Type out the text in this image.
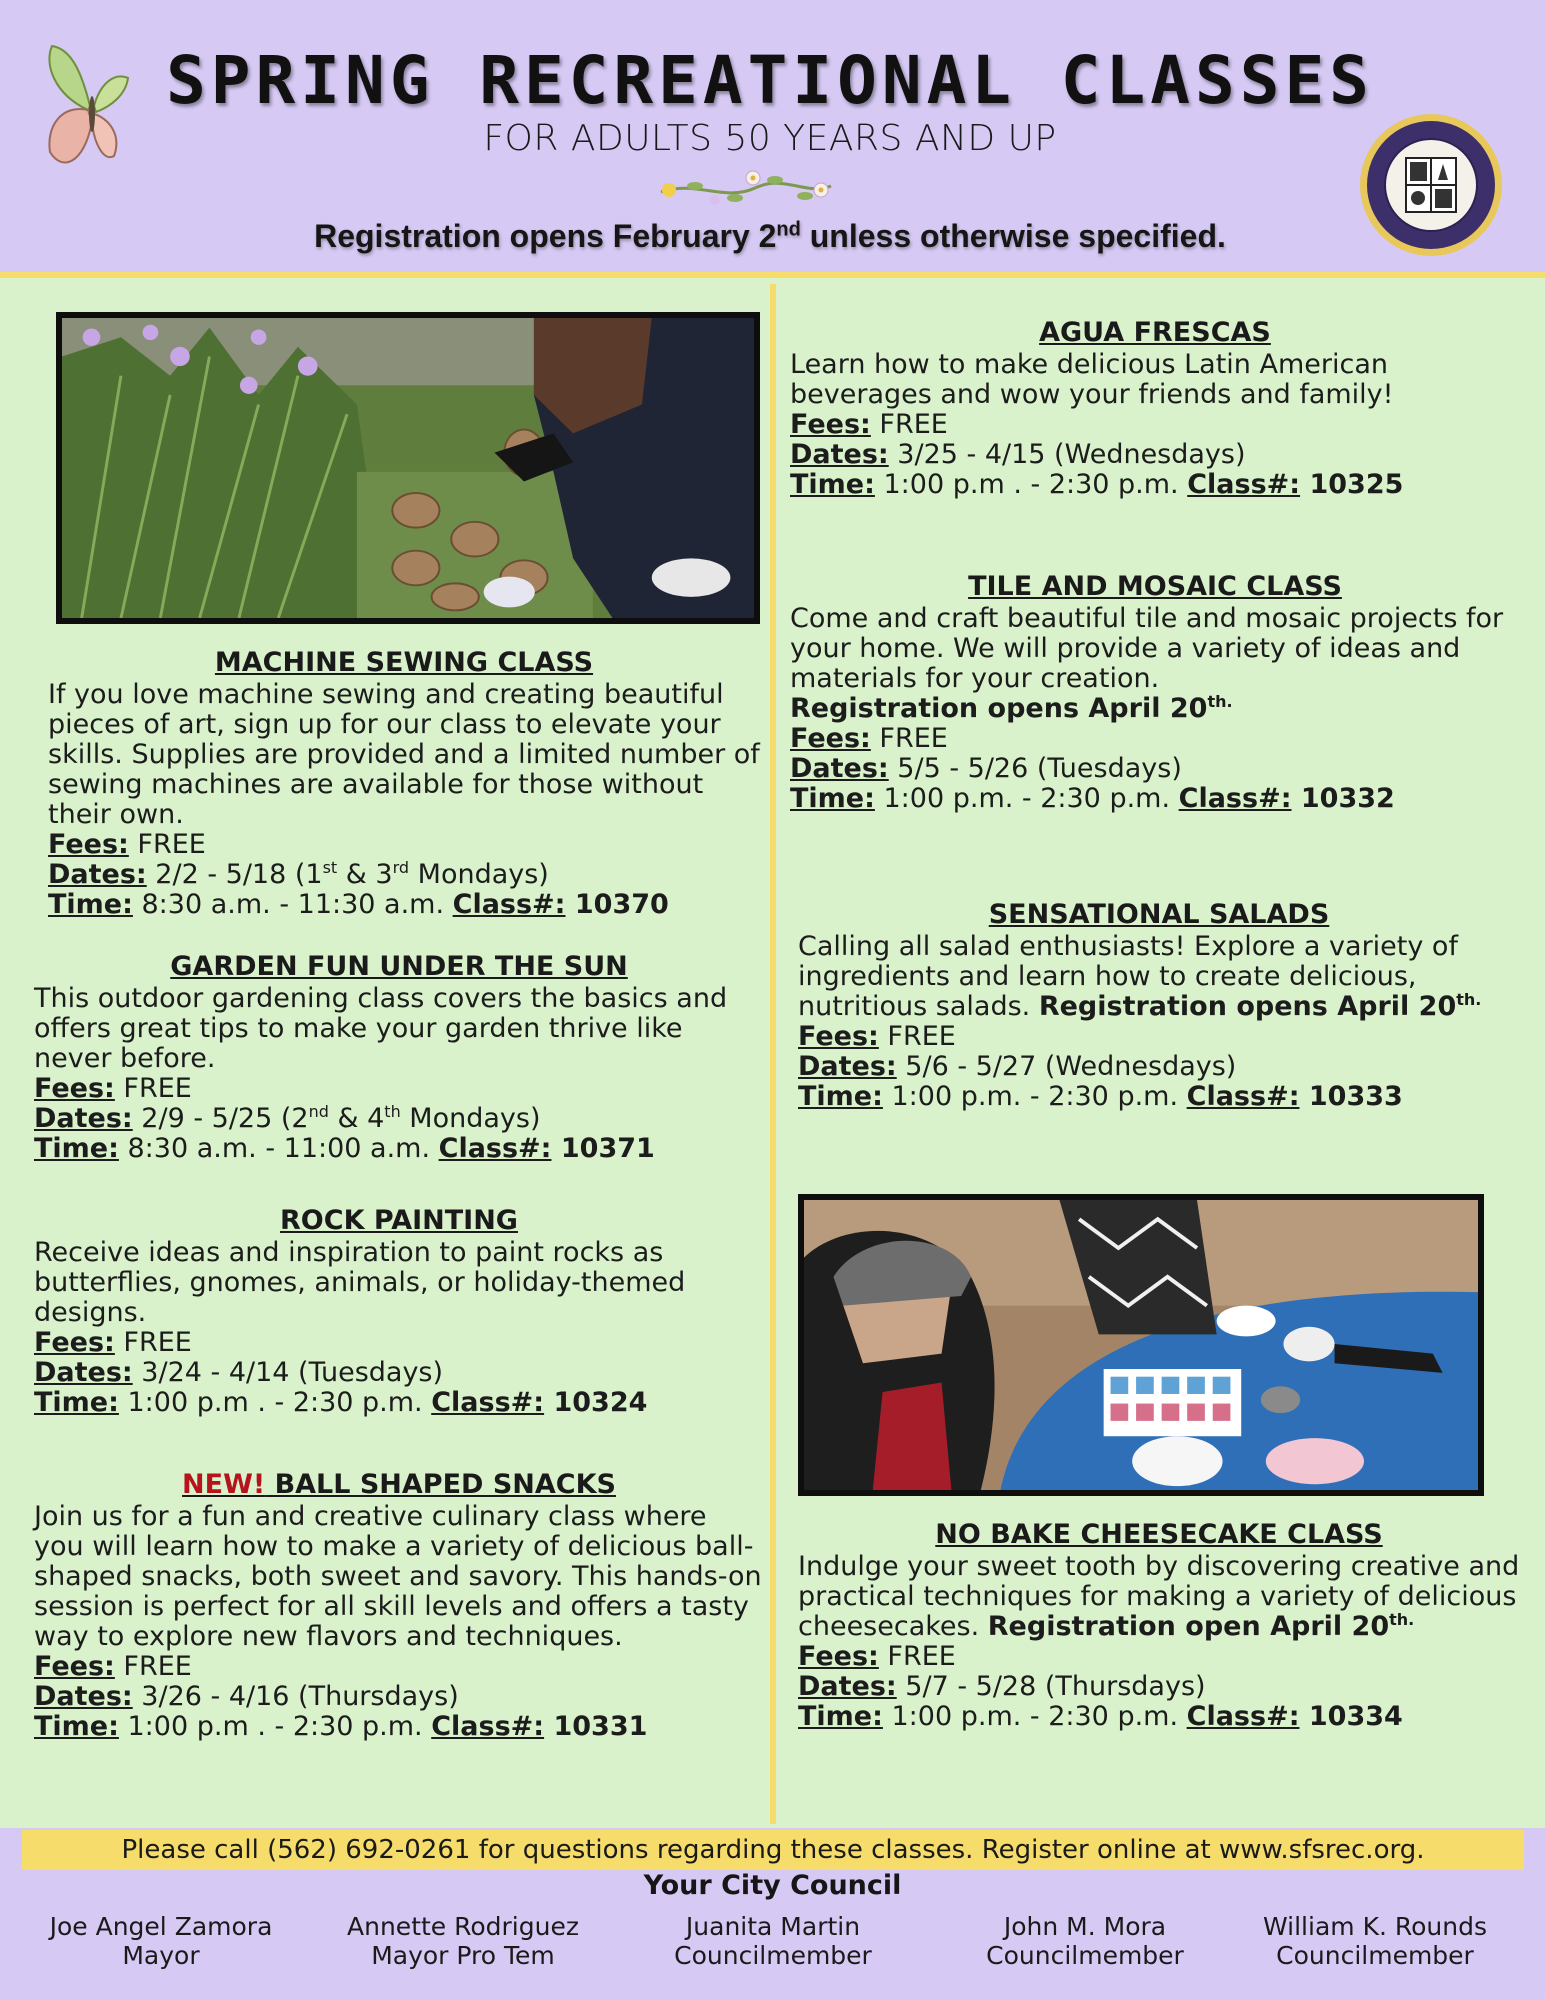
SPRING RECREATIONAL CLASSES
FOR ADULTS 50 YEARS AND UP
Registration opens February 2nd unless otherwise specified.
MACHINE SEWING CLASS

If you love machine sewing and creating beautiful pieces of art, sign up for our class to elevate your skills. Supplies are provided and a limited number of sewing machines are available for those without their own.

Fees: FREE

Dates: 2/2 - 5/18 (1st & 3rd Mondays)

Time: 8:30 a.m. - 11:30 a.m. Class#: 10370

GARDEN FUN UNDER THE SUN

This outdoor gardening class covers the basics and offers great tips to make your garden thrive like never before.

Fees: FREE

Dates: 2/9 - 5/25 (2nd & 4th Mondays)

Time: 8:30 a.m. - 11:00 a.m. Class#: 10371

ROCK PAINTING

Receive ideas and inspiration to paint rocks as butterflies, gnomes, animals, or holiday-themed designs.

Fees: FREE

Dates: 3/24 - 4/14 (Tuesdays)

Time: 1:00 p.m . - 2:30 p.m. Class#: 10324

NEW! BALL SHAPED SNACKS

Join us for a fun and creative culinary class where you will learn how to make a variety of delicious ball-shaped snacks, both sweet and savory. This hands-on session is perfect for all skill levels and offers a tasty way to explore new flavors and techniques.

Fees: FREE

Dates: 3/26 - 4/16 (Thursdays)

Time: 1:00 p.m . - 2:30 p.m. Class#: 10331

AGUA FRESCAS

Learn how to make delicious Latin American beverages and wow your friends and family!

Fees: FREE

Dates: 3/25 - 4/15 (Wednesdays)

Time: 1:00 p.m . - 2:30 p.m. Class#: 10325

TILE AND MOSAIC CLASS

Come and craft beautiful tile and mosaic projects for your home. We will provide a variety of ideas and materials for your creation.

Registration opens April $20^{th.}$

Fees: FREE

Dates: 5/5 - 5/26 (Tuesdays)

Time: 1:00 p.m. - 2:30 p.m. Class#: 10332

SENSATIONAL SALADS

Calling all salad enthusiasts! Explore a variety of ingredients and learn how to create delicious, nutritious salads. Registration opens April $20^{th.}$

Fees: FREE

Dates: 5/6 - 5/27 (Wednesdays)

Time: 1:00 p.m. - 2:30 p.m. Class#: 10333

NO BAKE CHEESECAKE CLASS

Indulge your sweet tooth by discovering creative and practical techniques for making a variety of delicious cheesecakes. Registration open April $20^{th.}$

Fees: FREE

Dates: 5/7 - 5/28 (Thursdays)

Time: 1:00 p.m. - 2:30 p.m. Class#: 10334

Please call (562) 692-0261 for questions regarding these classes. Register online at www.sfsrec.org.
Your City Council
Joe Angel Zamora
Mayor
Annette Rodriguez
Mayor Pro Tem
Juanita Martin
Councilmember
John M. Mora
Councilmember
William K. Rounds
Councilmember
